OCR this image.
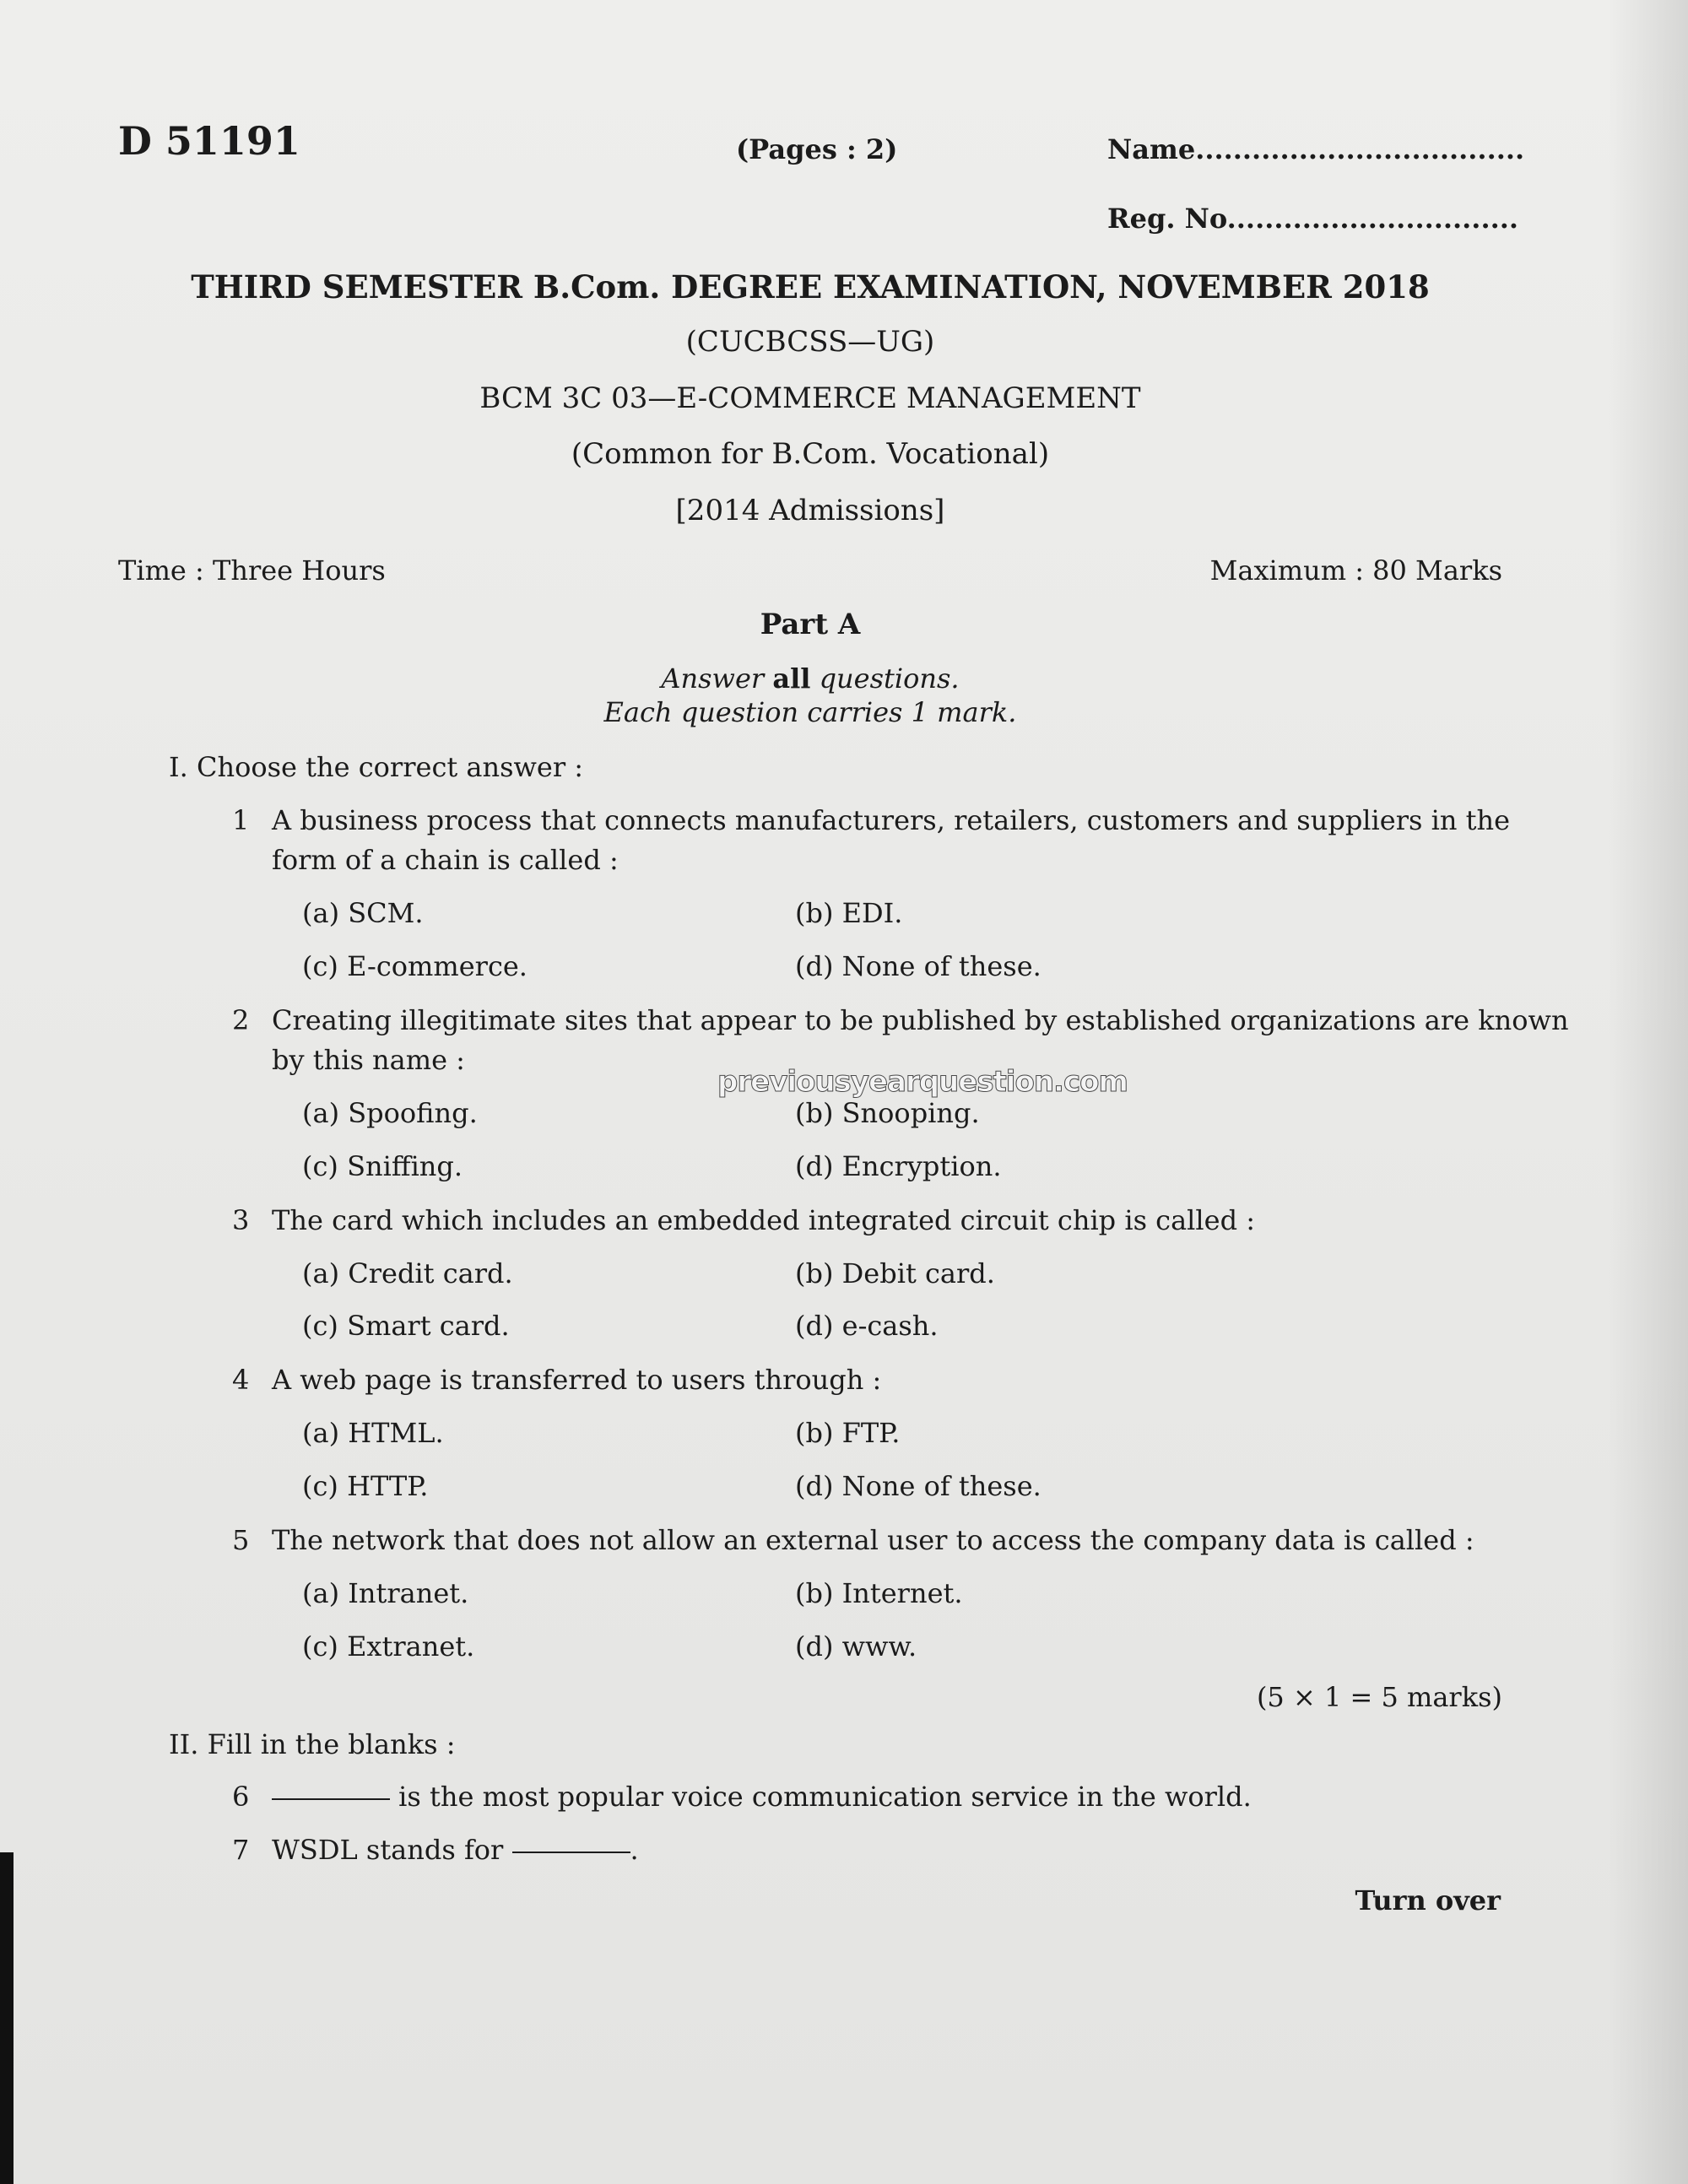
D 51191	(Pages : 2)	Name...................................
Reg. No...............................
THIRD SEMESTER B.Com. DEGREE EXAMINATION, NOVEMBER 2018
(CUCBCSS—UG)
BCM 3C 03—E-COMMERCE MANAGEMENT
(Common for B.Com. Vocational)
[2014 Admissions]
Time : Three Hours	Maximum : 80 Marks
Part A
Answer all questions.
Each question carries 1 mark.
I. Choose the correct answer :
1 A business process that connects manufacturers, retailers, customers and suppliers in the
form of a chain is called :
(a) SCM.	(b) EDI.
(c) E-commerce.	(d) None of these.
2 Creating illegitimate sites that appear to be published by established organizations are known
by this name :
(a) Spoofing.	(b) Snooping.
(c) Sniffing.	(d) Encryption.
previousyearquestion.com
3 The card which includes an embedded integrated circuit chip is called :
(a) Credit card.	(b) Debit card.
(c) Smart card.	(d) e-cash.
4 A web page is transferred to users through :
(a) HTML.	(b) FTP.
(c) HTTP.	(d) None of these.
5 The network that does not allow an external user to access the company data is called :
(a) Intranet.	(b) Internet.
(c) Extranet.	(d) www.
(5 × 1 = 5 marks)
II. Fill in the blanks :
6	is the most popular voice communication service in the world.
7 WSDL stands for	.
Turn over
